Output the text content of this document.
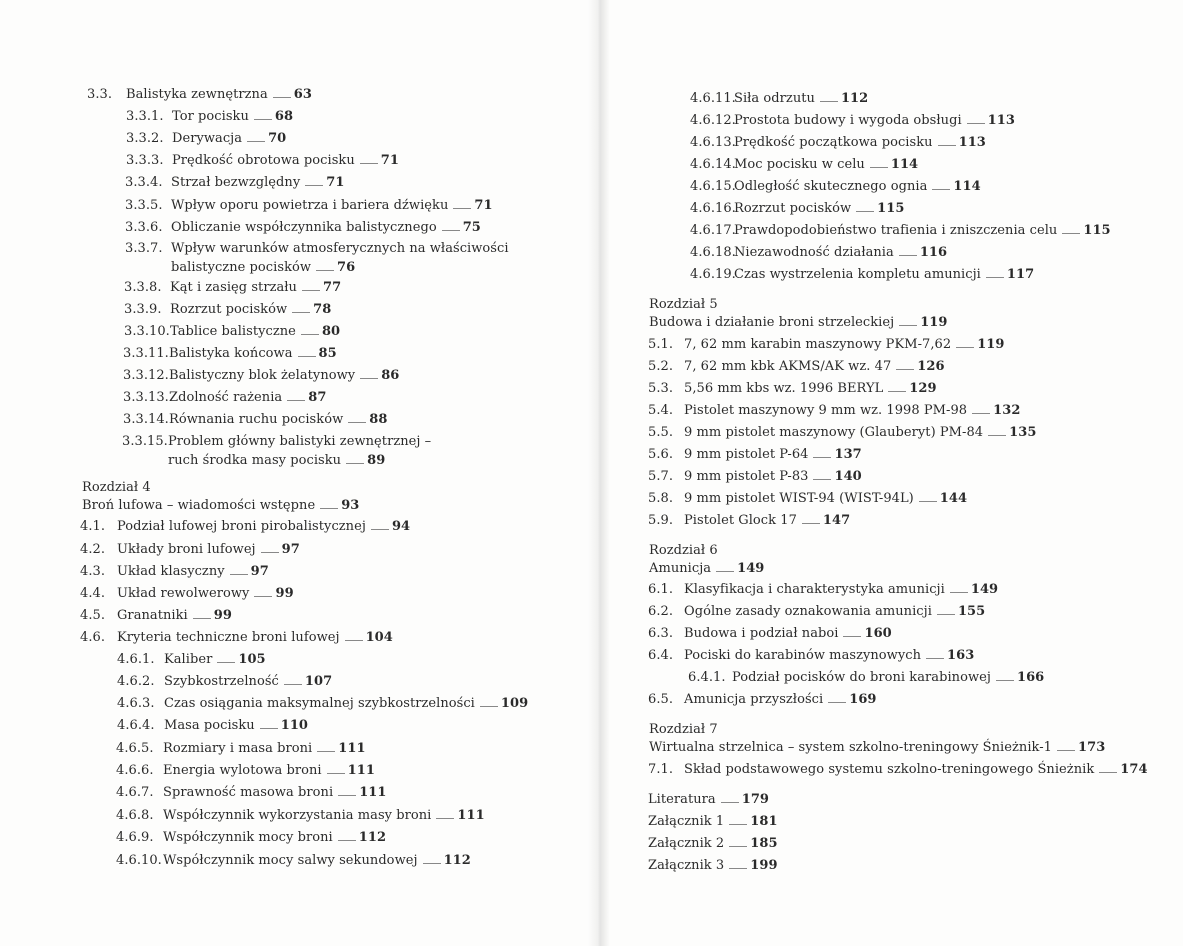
3.3. Balistyka zewnętrzna 63
3.3.1. Tor pocisku 68
3.3.2. Derywacja 70
3.3.3. Prędkość obrotowa pocisku 71
3.3.4. Strzał bezwzględny 71
3.3.5. Wpływ oporu powietrza i bariera dźwięku 71
3.3.6. Obliczanie współczynnika balistycznego 75
3.3.7. Wpływ warunków atmosferycznych na właściwości
balistyczne pocisków 76
3.3.8. Kąt i zasięg strzału 77
3.3.9. Rozrzut pocisków 78
3.3.10.Tablice balistyczne 80
3.3.11.Balistyka końcowa 85
3.3.12.Balistyczny blok żelatynowy 86
3.3.13.Zdolność rażenia 87
3.3.14.Równania ruchu pocisków 88
3.3.15.Problem główny balistyki zewnętrznej –
ruch środka masy pocisku 89
Rozdział 4
Broń lufowa – wiadomości wstępne 93
4.1. Podział lufowej broni pirobalistycznej 94
4.2. Układy broni lufowej 97
4.3. Układ klasyczny 97
4.4. Układ rewolwerowy 99
4.5. Granatniki 99
4.6. Kryteria techniczne broni lufowej 104
4.6.1. Kaliber 105
4.6.2. Szybkostrzelność 107
4.6.3. Czas osiągania maksymalnej szybkostrzelności 109
4.6.4. Masa pocisku 110
4.6.5. Rozmiary i masa broni 111
4.6.6. Energia wylotowa broni 111
4.6.7. Sprawność masowa broni 111
4.6.8. Współczynnik wykorzystania masy broni 111
4.6.9. Współczynnik mocy broni 112
4.6.10.Współczynnik mocy salwy sekundowej 112
4.6.11.Siła odrzutu 112
4.6.12.Prostota budowy i wygoda obsługi 113
4.6.13.Prędkość początkowa pocisku 113
4.6.14.Moc pocisku w celu 114
4.6.15.Odległość skutecznego ognia 114
4.6.16.Rozrzut pocisków 115
4.6.17.Prawdopodobieństwo trafienia i zniszczenia celu 115
4.6.18.Niezawodność działania 116
4.6.19.Czas wystrzelenia kompletu amunicji 117
Rozdział 5
Budowa i działanie broni strzeleckiej 119
5.1. 7, 62 mm karabin maszynowy PKM-7,62 119
5.2. 7, 62 mm kbk AKMS/AK wz. 47 126
5.3. 5,56 mm kbs wz. 1996 BERYL 129
5.4. Pistolet maszynowy 9 mm wz. 1998 PM-98 132
5.5. 9 mm pistolet maszynowy (Glauberyt) PM-84 135
5.6. 9 mm pistolet P-64 137
5.7. 9 mm pistolet P-83 140
5.8. 9 mm pistolet WIST-94 (WIST-94L) 144
5.9. Pistolet Glock 17 147
Rozdział 6
Amunicja 149
6.1. Klasyfikacja i charakterystyka amunicji 149
6.2. Ogólne zasady oznakowania amunicji 155
6.3. Budowa i podział naboi 160
6.4. Pociski do karabinów maszynowych 163
6.4.1. Podział pocisków do broni karabinowej 166
6.5. Amunicja przyszłości 169
Rozdział 7
Wirtualna strzelnica – system szkolno-treningowy Śnieżnik-1 173
7.1. Skład podstawowego systemu szkolno-treningowego Śnieżnik 174
Literatura 179
Załącznik 1 181
Załącznik 2 185
Załącznik 3 199
